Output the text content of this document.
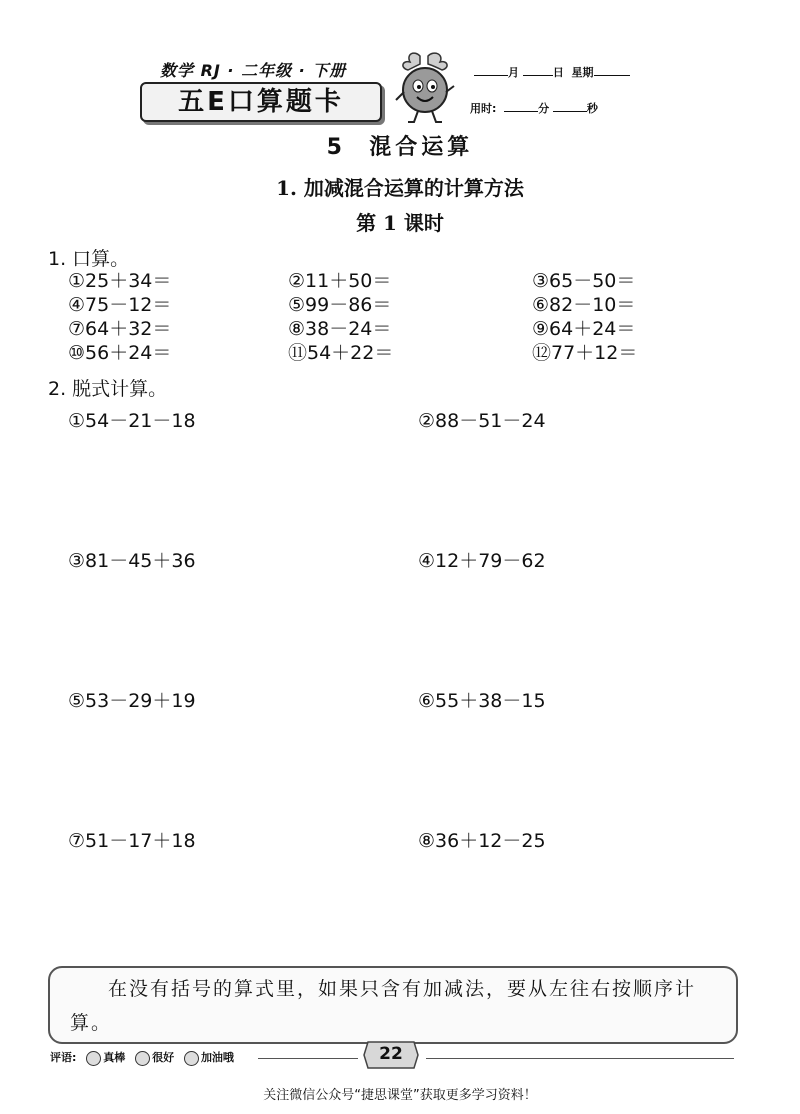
数学 RJ · 二年级 · 下册
五E口算题卡
月	日 星期
用时:	分	秒
5  混合运算
1. 加减混合运算的计算方法
第 1 课时
1. 口算。
①25＋34＝	②11＋50＝	③65－50＝
④75－12＝	⑤99－86＝	⑥82－10＝
⑦64＋32＝	⑧38－24＝	⑨64＋24＝
⑩56＋24＝	⑪54＋22＝	⑫77＋12＝
2. 脱式计算。
①54－21－18	②88－51－24
③81－45＋36	④12＋79－62
⑤53－29＋19	⑥55＋38－15
⑦51－17＋18	⑧36＋12－25
在没有括号的算式里，如果只含有加减法，要从左往右按顺序计算。
评语: 真棒 很好 加油哦	22
关注微信公众号“捷思课堂”获取更多学习资料！
